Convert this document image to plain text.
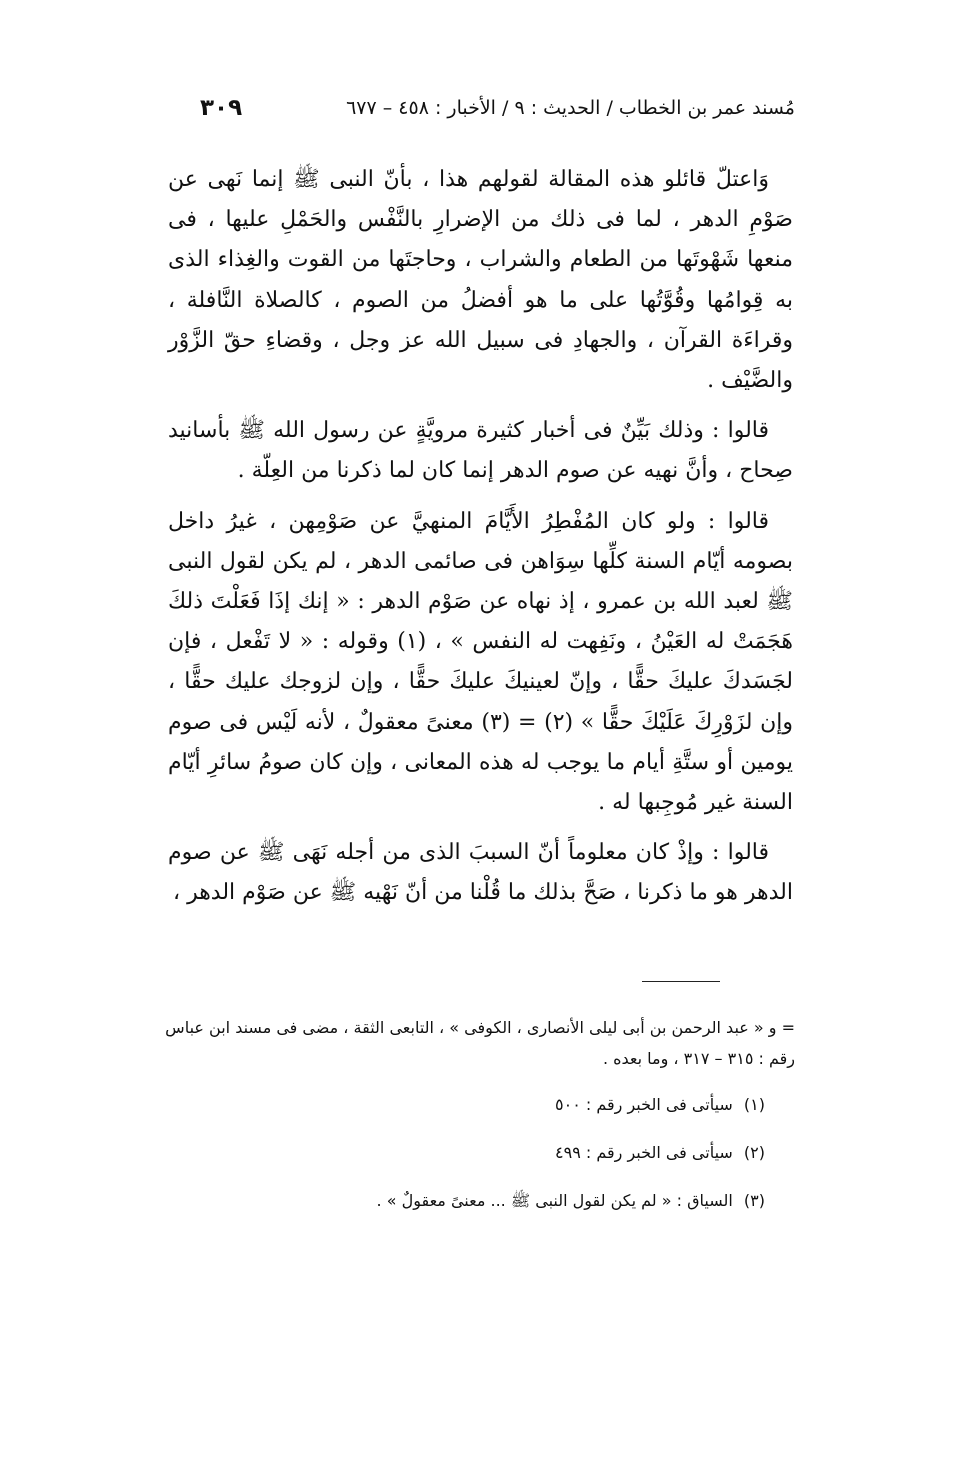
مُسند عمر بن الخطاب / الحديث : ٩ / الأخبار : ٤٥٨ – ٦٧٧
٣٠٩

وَاعتلّ قائلو هذه المقالة لقولهم هذا ، بأنّ النبى ﷺ إنما نَهى عن صَوْمِ الدهر ، لما فى ذلك من الإضرارِ بالنَّفْس والحَمْلِ عليها ، فى منعها شَهْوتَها من الطعام والشراب ، وحاجتَها من القوت والغِذاء الذى به قِوامُها وقُوَّتُها على ما هو أفضلُ من الصوم ، كالصلاة النَّافلة ، وقراءَة القرآن ، والجهادِ فى سبيل الله عز وجل ، وقضاءِ حقّ الزَّوْر والضَّيْف .

قالوا : وذلك بَيِّنٌ فى أخبار كثيرة مرويَّةٍ عن رسول الله ﷺ بأسانيد صِحاح ، وأنَّ نهيه عن صوم الدهر إنما كان لما ذكرنا من العِلّة .

قالوا : ولو كان المُفْطِرُ الأَيَّامَ المنهيَّ عن صَوْمِهن ، غيرُ داخل بصومه أيّام السنة كلِّها سِوَاهن فى صائمى الدهر ، لم يكن لقول النبى ﷺ لعبد الله بن عمرو ، إذ نهاه عن صَوْم الدهر : « إنك إذَا فَعَلْتَ ذلكَ هَجَمَتْ له العَيْنُ ، ونَفِهت له النفس » ، (١) وقوله : « لا تَفْعل ، فإن لجَسَدكَ عليكَ حقًّا ، وإنّ لعينيكَ عليكَ حقًّا ، وإن لزوجك عليك حقًّا ، وإن لزَوْرِكَ عَلَيْكَ حقًّا » (٢) = (٣) معنىً معقولٌ ، لأنه لَيْس فى صوم يومين أو ستَّةِ أيام ما يوجب له هذه المعانى ، وإن كان صومُ سائرِ أيّام السنة غير مُوجِبها له .

قالوا : وإذْ كان معلوماً أنّ السببَ الذى من أجله نَهَى ﷺ عن صوم الدهر هو ما ذكرنا ، صَحَّ بذلك ما قُلْنا من أنّ نَهْيه ﷺ عن صَوْم الدهر ،

= و « عبد الرحمن بن أبى ليلى الأنصارى ، الكوفى » ، التابعى الثقة ، مضى فى مسند ابن عباس رقم : ٣١٥ – ٣١٧ ، وما بعده .
(١) سيأتى فى الخبر رقم : ٥٠٠
(٢) سيأتى فى الخبر رقم : ٤٩٩
(٣) السياق : « لم يكن لقول النبى ﷺ ... معنىً معقولٌ » .
